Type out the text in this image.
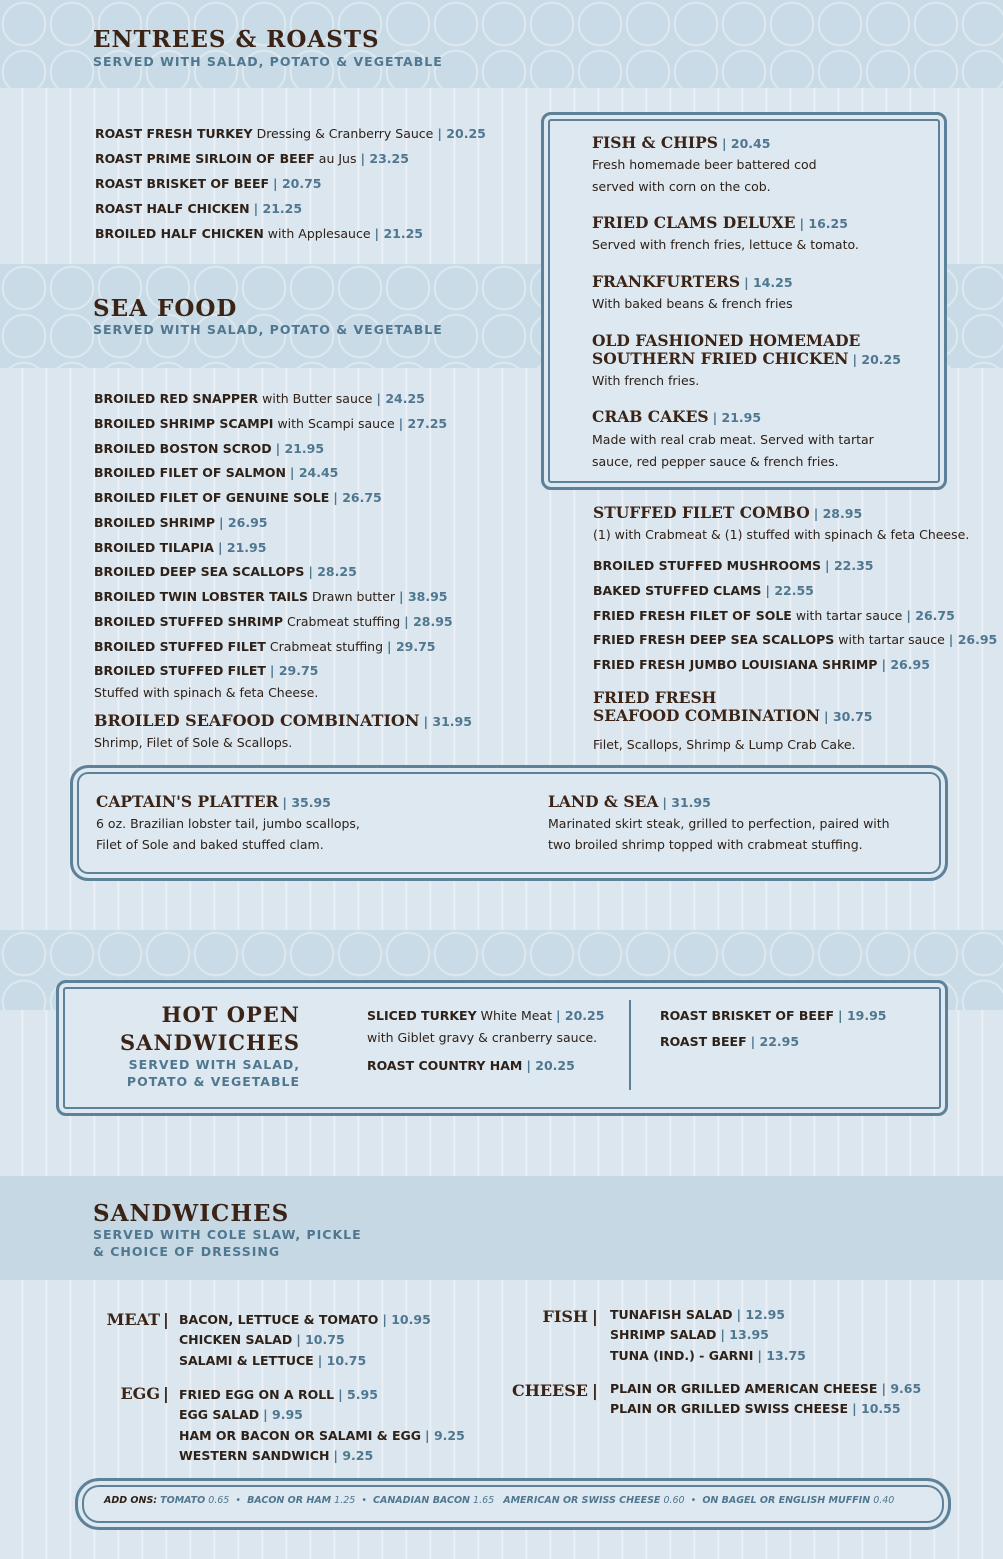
ENTREES & ROASTS
SERVED WITH SALAD, POTATO & VEGETABLE
ROAST FRESH TURKEY Dressing & Cranberry Sauce | 20.25
ROAST PRIME SIRLOIN OF BEEF au Jus | 23.25
ROAST BRISKET OF BEEF | 20.75
ROAST HALF CHICKEN | 21.25
BROILED HALF CHICKEN with Applesauce | 21.25
SEA FOOD
SERVED WITH SALAD, POTATO & VEGETABLE
BROILED RED SNAPPER with Butter sauce | 24.25
BROILED SHRIMP SCAMPI with Scampi sauce | 27.25
BROILED BOSTON SCROD | 21.95
BROILED FILET OF SALMON | 24.45
BROILED FILET OF GENUINE SOLE | 26.75
BROILED SHRIMP | 26.95
BROILED TILAPIA | 21.95
BROILED DEEP SEA SCALLOPS | 28.25
BROILED TWIN LOBSTER TAILS Drawn butter | 38.95
BROILED STUFFED SHRIMP Crabmeat stuffing | 28.95
BROILED STUFFED FILET Crabmeat stuffing | 29.75
BROILED STUFFED FILET | 29.75
Stuffed with spinach & feta Cheese.
BROILED SEAFOOD COMBINATION | 31.95
Shrimp, Filet of Sole & Scallops.
FISH & CHIPS | 20.45
Fresh homemade beer battered cod
served with corn on the cob.
FRIED CLAMS DELUXE | 16.25
Served with french fries, lettuce & tomato.
FRANKFURTERS | 14.25
With baked beans & french fries
OLD FASHIONED HOMEMADE
SOUTHERN FRIED CHICKEN | 20.25
With french fries.
CRAB CAKES | 21.95
Made with real crab meat. Served with tartar
sauce, red pepper sauce & french fries.
STUFFED FILET COMBO | 28.95
(1) with Crabmeat & (1) stuffed with spinach & feta Cheese.
BROILED STUFFED MUSHROOMS | 22.35
BAKED STUFFED CLAMS | 22.55
FRIED FRESH FILET OF SOLE with tartar sauce | 26.75
FRIED FRESH DEEP SEA SCALLOPS with tartar sauce | 26.95
FRIED FRESH JUMBO LOUISIANA SHRIMP | 26.95
FRIED FRESH
SEAFOOD COMBINATION | 30.75
Filet, Scallops, Shrimp & Lump Crab Cake.
CAPTAIN'S PLATTER | 35.95
6 oz. Brazilian lobster tail, jumbo scallops,
Filet of Sole and baked stuffed clam.
LAND & SEA | 31.95
Marinated skirt steak, grilled to perfection, paired with
two broiled shrimp topped with crabmeat stuffing.
HOT OPEN
SANDWICHES
SERVED WITH SALAD,
POTATO & VEGETABLE
SLICED TURKEY White Meat | 20.25
with Giblet gravy & cranberry sauce.
ROAST COUNTRY HAM | 20.25
ROAST BRISKET OF BEEF | 19.95
ROAST BEEF | 22.95
SANDWICHES
SERVED WITH COLE SLAW, PICKLE
& CHOICE OF DRESSING
MEAT | BACON, LETTUCE & TOMATO | 10.95
CHICKEN SALAD | 10.75
SALAMI & LETTUCE | 10.75
EGG | FRIED EGG ON A ROLL | 5.95
EGG SALAD | 9.95
HAM OR BACON OR SALAMI & EGG | 9.25
WESTERN SANDWICH | 9.25
FISH | TUNAFISH SALAD | 12.95
SHRIMP SALAD | 13.95
TUNA (IND.) - GARNI | 13.75
CHEESE | PLAIN OR GRILLED AMERICAN CHEESE | 9.65
PLAIN OR GRILLED SWISS CHEESE | 10.55
ADD ONS: TOMATO 0.65  •  BACON OR HAM 1.25  •  CANADIAN BACON 1.65 AMERICAN OR SWISS CHEESE 0.60  •  ON BAGEL OR ENGLISH MUFFIN 0.40
